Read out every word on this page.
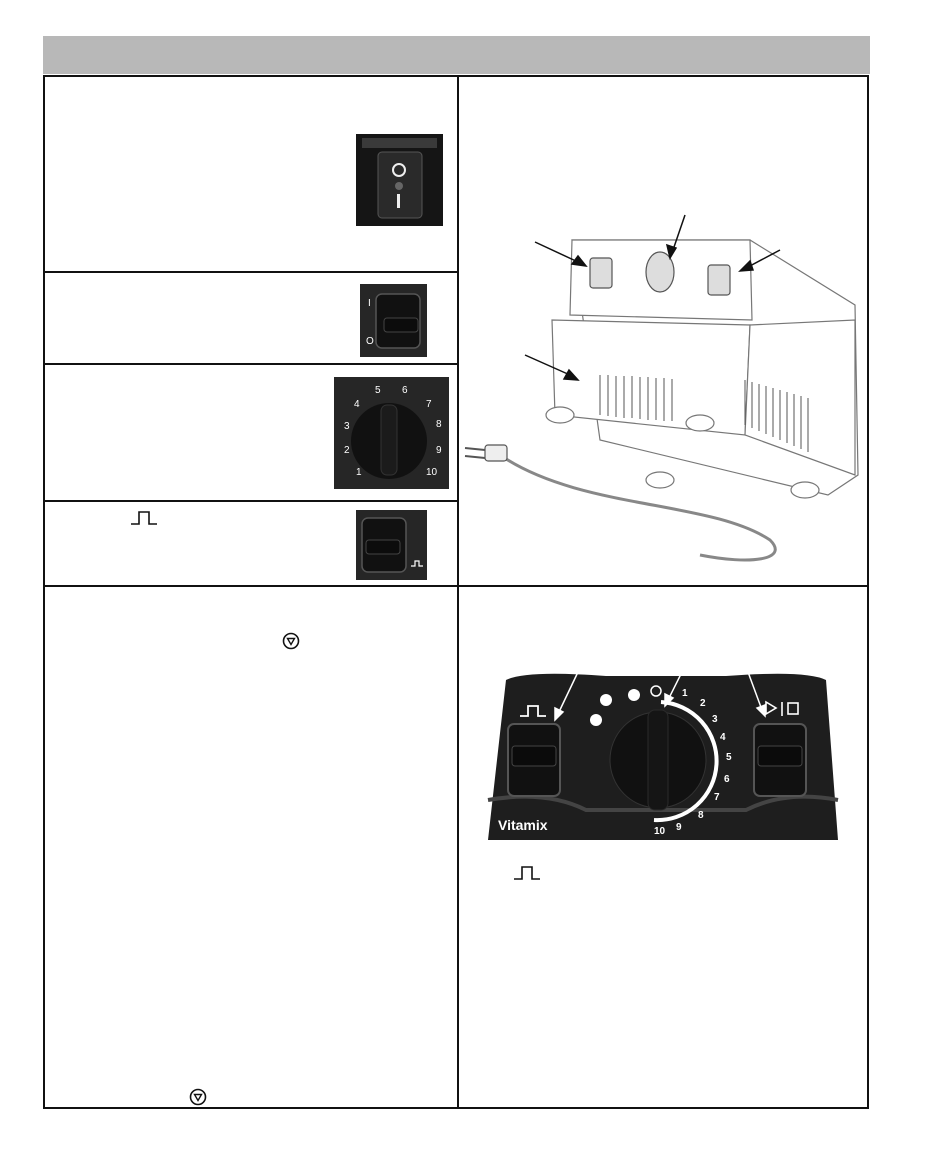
I
O
1
2
3
4
5 6
7
8
9
10
1
2
3
4
5
6
7
8
9
10
Vitamix
